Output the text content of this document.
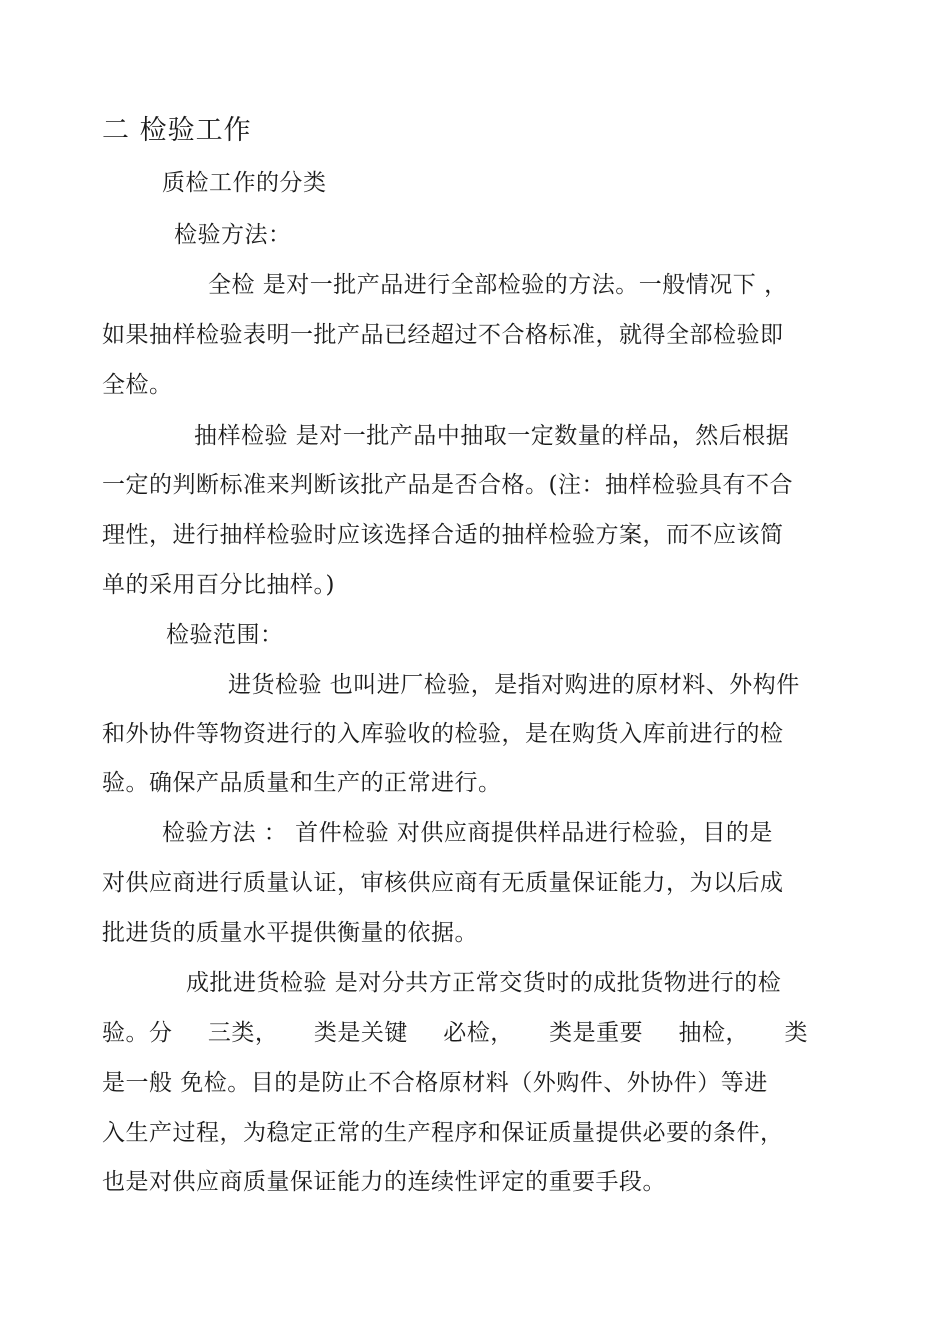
二 检验工作
质检工作的分类
检验方法：
全检 是对一批产品进行全部检验的方法。一般情况下 ，
如果抽样检验表明一批产品已经超过不合格标准，就得全部检验即
全检。
抽样检验 是对一批产品中抽取一定数量的样品，然后根据
一定的判断标准来判断该批产品是否合格。(注：抽样检验具有不合
理性，进行抽样检验时应该选择合适的抽样检验方案，而不应该简
单的采用百分比抽样。)
检验范围：
进货检验 也叫进厂检验，是指对购进的原材料、外构件
和外协件等物资进行的入库验收的检验，是在购货入库前进行的检
验。确保产品质量和生产的正常进行。
检验方法 ： 首件检验 对供应商提供样品进行检验，目的是
对供应商进行质量认证，审核供应商有无质量保证能力，为以后成
批进货的质量水平提供衡量的依据。
成批进货检验 是对分共方正常交货时的成批货物进行的检
验。分 三类， 类是关键 必检， 类是重要 抽检， 类
是一般 免检。目的是防止不合格原材料（外购件、外协件）等进
入生产过程，为稳定正常的生产程序和保证质量提供必要的条件，
也是对供应商质量保证能力的连续性评定的重要手段。
